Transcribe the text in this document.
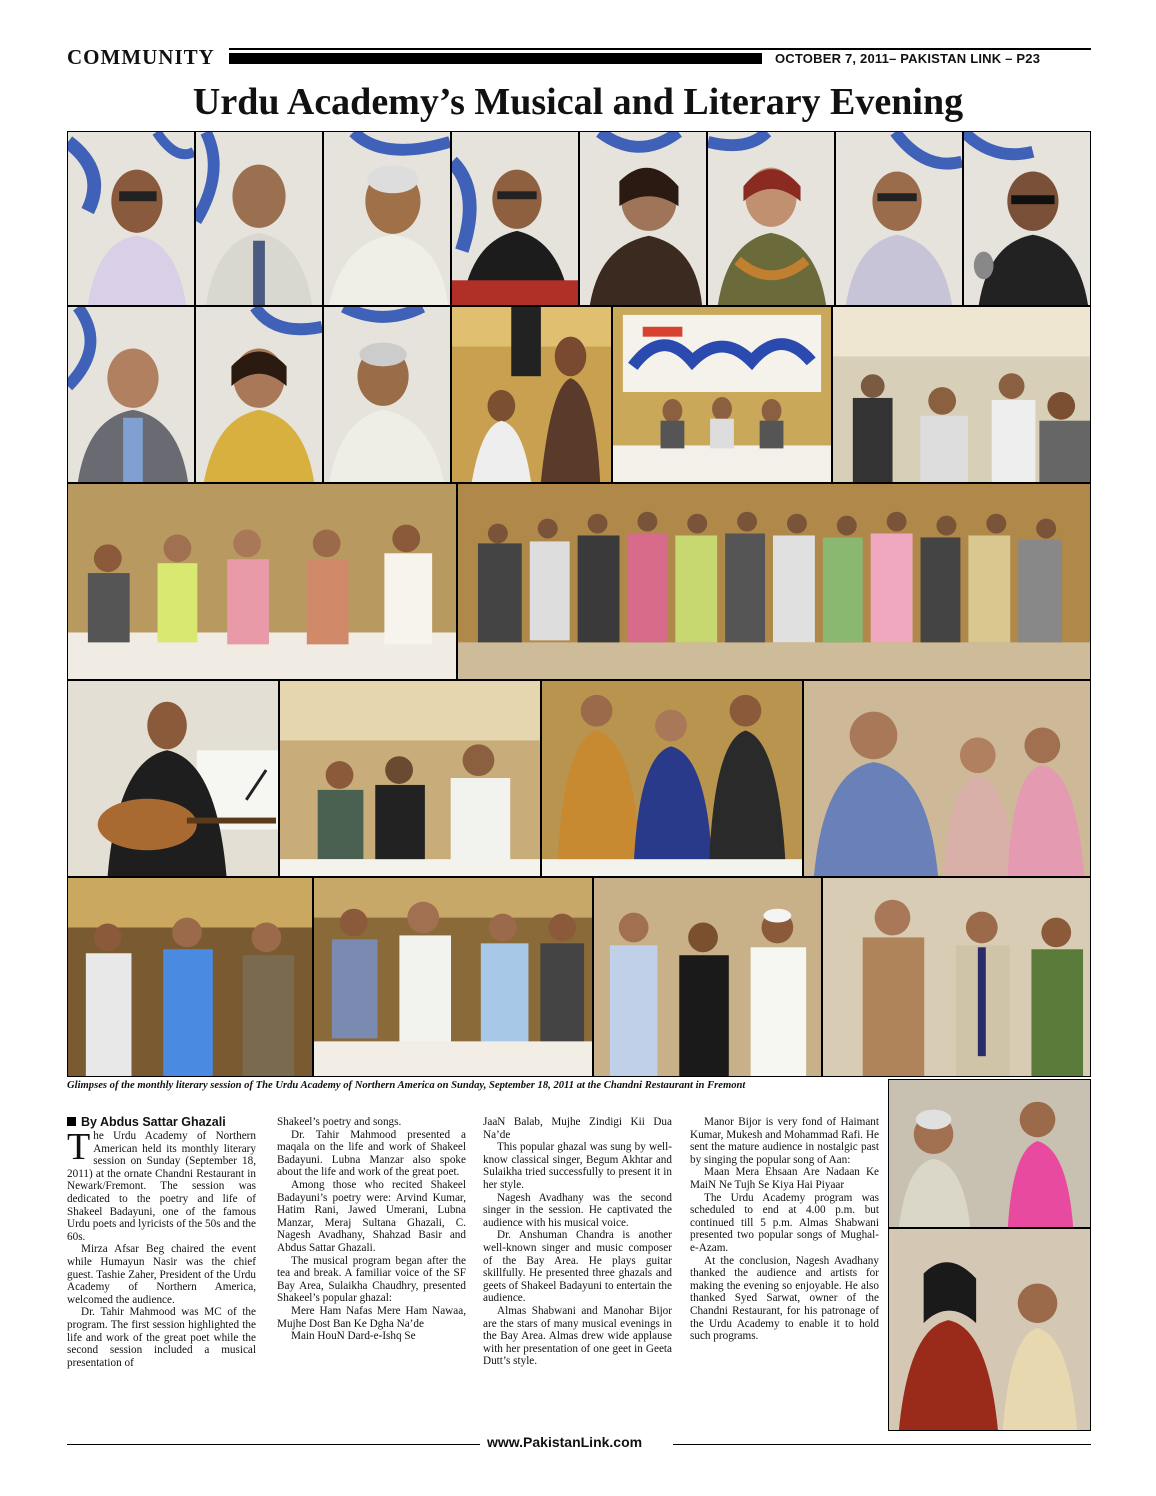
COMMUNITY	OCTOBER 7, 2011– PAKISTAN LINK – P23
Urdu Academy’s Musical and Literary Evening
Glimpses of the monthly literary session of The Urdu Academy of Northern America on Sunday, September 18, 2011 at the Chandni Restaurant in Fremont
By Abdus Sattar Ghazali

The Urdu Academy of Northern American held its monthly literary session on Sunday (September 18, 2011) at the ornate Chandni Restaurant in Newark/Fremont. The session was dedicated to the poetry and life of Shakeel Badayuni, one of the famous Urdu poets and lyricists of the 50s and the 60s.

Mirza Afsar Beg chaired the event while Humayun Nasir was the chief guest. Tashie Zaher, President of the Urdu Academy of Northern America, welcomed the audience.

Dr. Tahir Mahmood was MC of the program. The first session highlighted the life and work of the great poet while the second session included a musical presentation of

Shakeel’s poetry and songs.

Dr. Tahir Mahmood presented a maqala on the life and work of Shakeel Badayuni. Lubna Manzar also spoke about the life and work of the great poet.

Among those who recited Shakeel Badayuni’s poetry were: Arvind Kumar, Hatim Rani, Jawed Umerani, Lubna Manzar, Meraj Sultana Ghazali, C. Nagesh Avadhany, Shahzad Basir and Abdus Sattar Ghazali.

The musical program began after the tea and break. A familiar voice of the SF Bay Area, Sulaikha Chaudhry, presented Shakeel’s popular ghazal:

Mere Ham Nafas Mere Ham Nawaa, Mujhe Dost Ban Ke Dgha Na’de

Main HouN Dard-e-Ishq Se

JaaN Balab, Mujhe Zindigi Kii Dua Na’de

This popular ghazal was sung by well-know classical singer, Begum Akhtar and Sulaikha tried successfully to present it in her style.

Nagesh Avadhany was the second singer in the session. He captivated the audience with his musical voice.

Dr. Anshuman Chandra is another well-known singer and music composer of the Bay Area. He plays guitar skillfully. He presented three ghazals and geets of Shakeel Badayuni to entertain the audience.

Almas Shabwani and Manohar Bijor are the stars of many musical evenings in the Bay Area. Almas drew wide applause with her presentation of one geet in Geeta Dutt’s style.

Manor Bijor is very fond of Haimant Kumar, Mukesh and Mohammad Rafi. He sent the mature audience in nostalgic past by singing the popular song of Aan:

Maan Mera Ehsaan Are Nadaan Ke MaiN Ne Tujh Se Kiya Hai Piyaar

The Urdu Academy program was scheduled to end at 4.00 p.m. but continued till 5 p.m. Almas Shabwani presented two popular songs of Mughal-e-Azam.

At the conclusion, Nagesh Avadhany thanked the audience and artists for making the evening so enjoyable. He also thanked Syed Sarwat, owner of the Chandni Restaurant, for his patronage of the Urdu Academy to enable it to hold such programs.

www.PakistanLink.com
